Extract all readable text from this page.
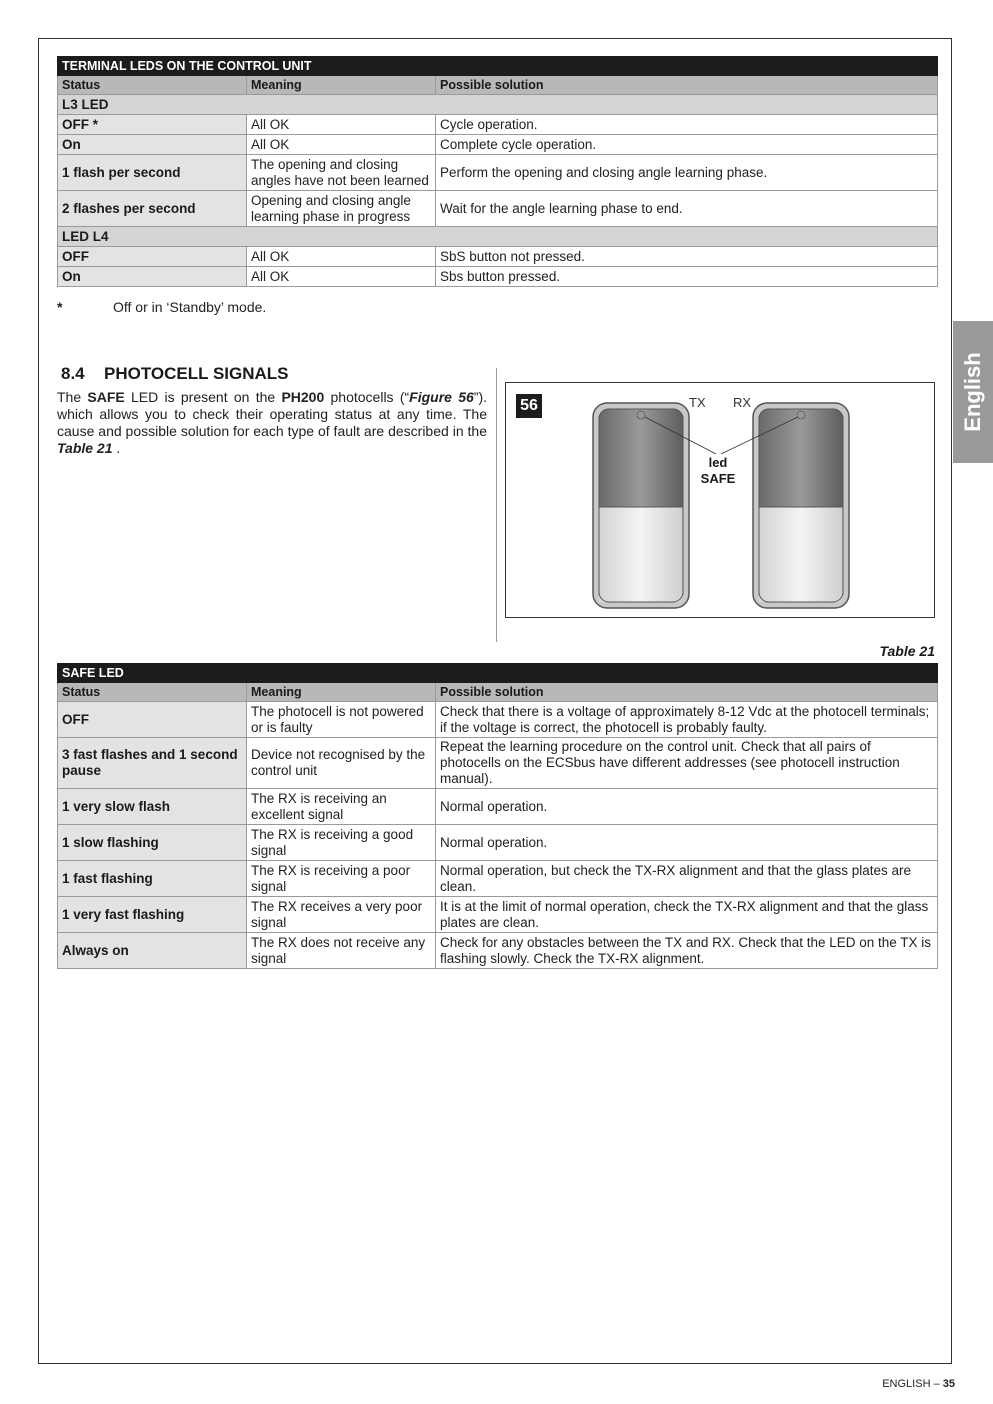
TERMINAL LEDS ON THE CONTROL UNIT		
Status	Meaning	Possible solution
L3 LED		
OFF *	All OK	Cycle operation.
On	All OK	Complete cycle operation.
1 flash per second	The opening and closing angles have not been learned	Perform the opening and closing angle learning phase.
2 flashes per second	Opening and closing angle learning phase in progress	Wait for the angle learning phase to end.
LED L4		
OFF	All OK	SbS button not pressed.
On	All OK	Sbs button pressed.
*	Off or in ‘Standby’ mode.
8.4 PHOTOCELL SIGNALS
The SAFE LED is present on the PH200 photocells (“Figure 56”). which allows you to check their operating status at any time. The cause and possible solution for each type of fault are described in the Table 21 .
56	TX RX
led
SAFE
Table 21
SAFE LED		
Status	Meaning	Possible solution
OFF	The photocell is not powered or is faulty	Check that there is a voltage of approximately 8-12 Vdc at the photocell terminals; if the voltage is correct, the photocell is probably faulty.
3 fast flashes and 1 second pause	Device not recognised by the control unit	Repeat the learning procedure on the control unit. Check that all pairs of photocells on the ECSbus have different addresses (see photocell instruction manual).
1 very slow flash	The RX is receiving an excellent signal	Normal operation.
1 slow flashing	The RX is receiving a good signal	Normal operation.
1 fast flashing	The RX is receiving a poor signal	Normal operation, but check the TX-RX alignment and that the glass plates are clean.
1 very fast flashing	The RX receives a very poor signal	It is at the limit of normal operation, check the TX-RX alignment and that the glass plates are clean.
Always on	The RX does not receive any signal	Check for any obstacles between the TX and RX. Check that the LED on the TX is flashing slowly. Check the TX-RX alignment.
English
ENGLISH – 35
